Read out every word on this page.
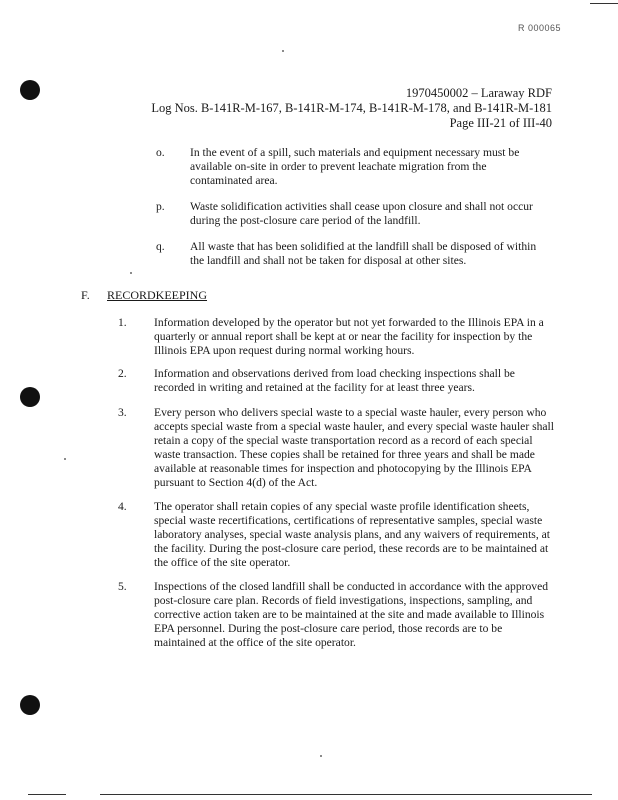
R 000065
1970450002 – Laraway RDF
Log Nos. B-141R-M-167, B-141R-M-174, B-141R-M-178, and B-141R-M-181
Page III-21 of III-40
o. In the event of a spill, such materials and equipment necessary must be available on-site in order to prevent leachate migration from the contaminated area.
p. Waste solidification activities shall cease upon closure and shall not occur during the post-closure care period of the landfill.
q. All waste that has been solidified at the landfill shall be disposed of within the landfill and shall not be taken for disposal at other sites.
F. RECORDKEEPING
1. Information developed by the operator but not yet forwarded to the Illinois EPA in a quarterly or annual report shall be kept at or near the facility for inspection by the Illinois EPA upon request during normal working hours.
2. Information and observations derived from load checking inspections shall be recorded in writing and retained at the facility for at least three years.
3. Every person who delivers special waste to a special waste hauler, every person who accepts special waste from a special waste hauler, and every special waste hauler shall retain a copy of the special waste transportation record as a record of each special waste transaction. These copies shall be retained for three years and shall be made available at reasonable times for inspection and photocopying by the Illinois EPA pursuant to Section 4(d) of the Act.
4. The operator shall retain copies of any special waste profile identification sheets, special waste recertifications, certifications of representative samples, special waste laboratory analyses, special waste analysis plans, and any waivers of requirements, at the facility. During the post-closure care period, these records are to be maintained at the office of the site operator.
5. Inspections of the closed landfill shall be conducted in accordance with the approved post-closure care plan. Records of field investigations, inspections, sampling, and corrective action taken are to be maintained at the site and made available to Illinois EPA personnel. During the post-closure care period, those records are to be maintained at the office of the site operator.
